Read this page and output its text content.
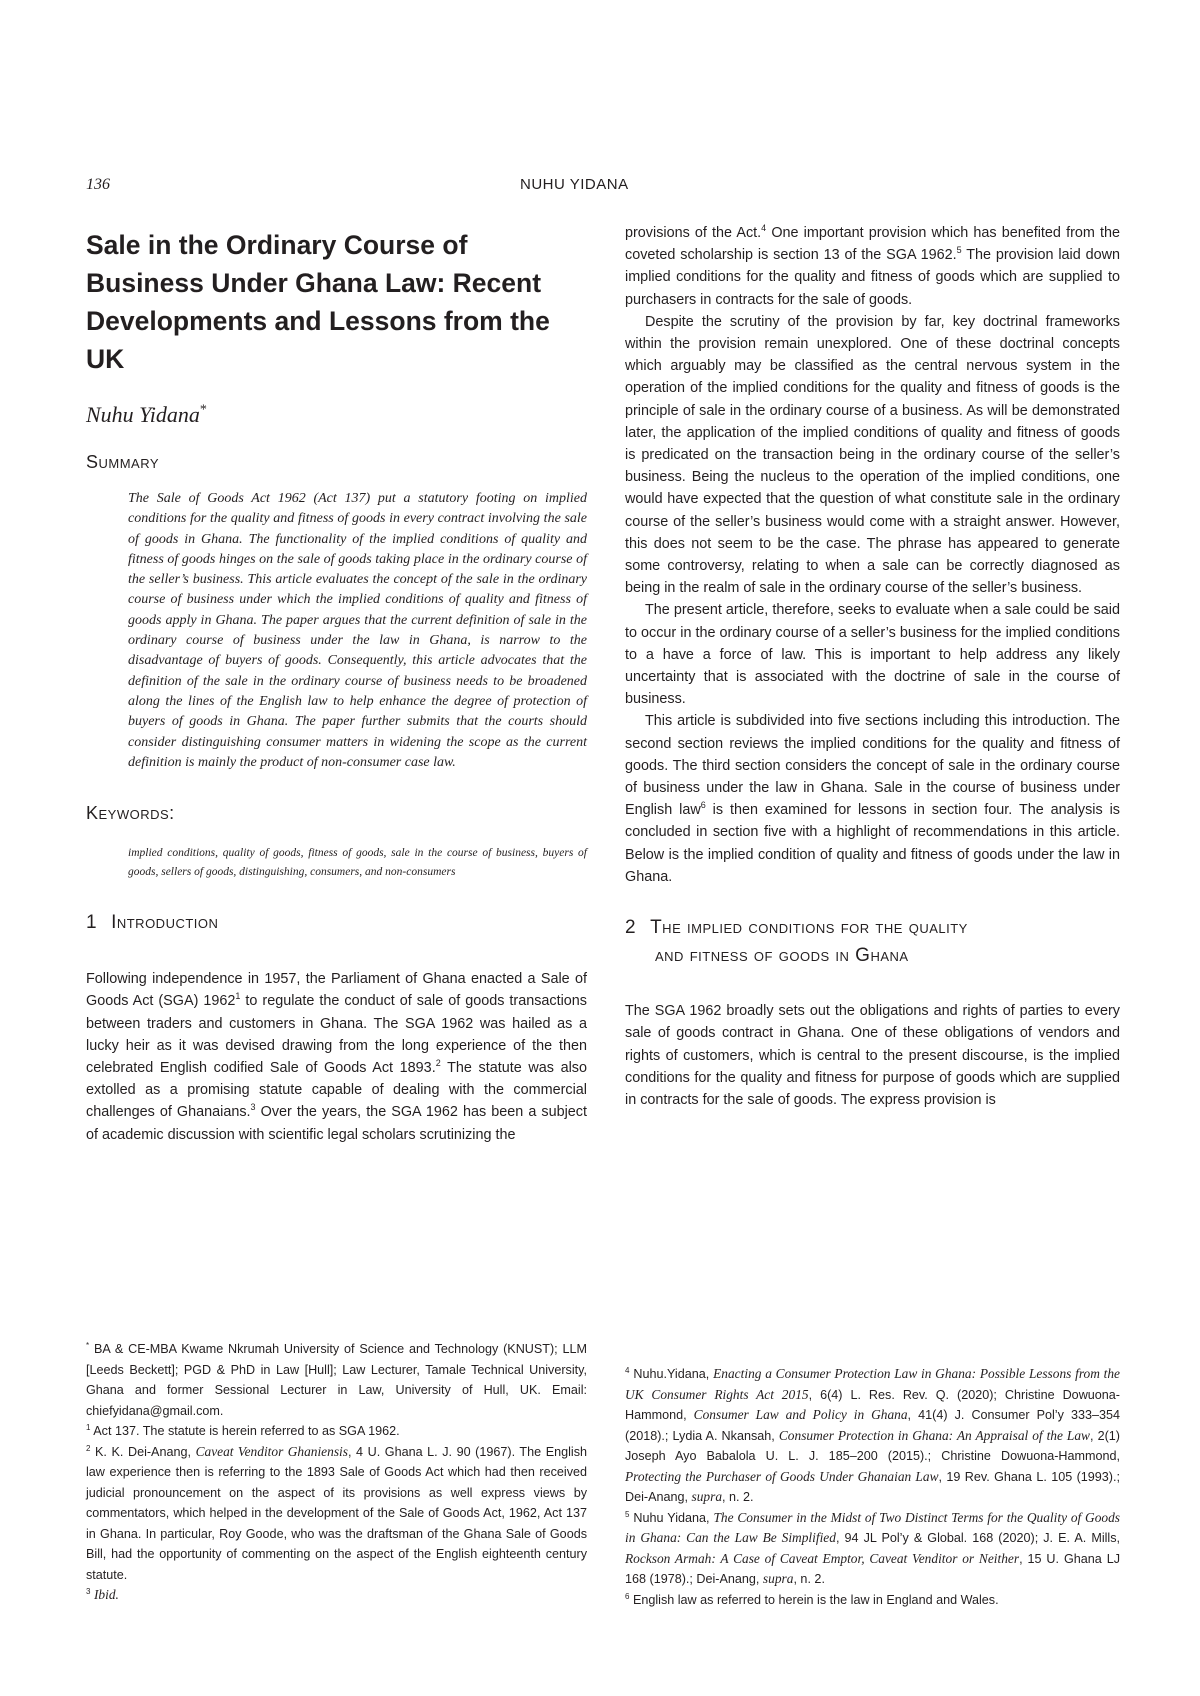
136	NUHU YIDANA
Sale in the Ordinary Course of Business Under Ghana Law: Recent Developments and Lessons from the UK
Nuhu Yidana*
Summary

The Sale of Goods Act 1962 (Act 137) put a statutory footing on implied conditions for the quality and fitness of goods in every contract involving the sale of goods in Ghana. The functionality of the implied conditions of quality and fitness of goods hinges on the sale of goods taking place in the ordinary course of the seller’s business. This article evaluates the concept of the sale in the ordinary course of business under which the implied conditions of quality and fitness of goods apply in Ghana. The paper argues that the current definition of sale in the ordinary course of business under the law in Ghana, is narrow to the disadvantage of buyers of goods. Consequently, this article advocates that the definition of the sale in the ordinary course of business needs to be broadened along the lines of the English law to help enhance the degree of protection of buyers of goods in Ghana. The paper further submits that the courts should consider distinguishing consumer matters in widening the scope as the current definition is mainly the product of non-consumer case law.

Keywords:

implied conditions, quality of goods, fitness of goods, sale in the course of business, buyers of goods, sellers of goods, distinguishing, consumers, and non-consumers

1 Introduction

Following independence in 1957, the Parliament of Ghana enacted a Sale of Goods Act (SGA) 1962$^1$ to regulate the conduct of sale of goods transactions between traders and customers in Ghana. The SGA 1962 was hailed as a lucky heir as it was devised drawing from the long experience of the then celebrated English codified Sale of Goods Act 1893.$^2$ The statute was also extolled as a promising statute capable of dealing with the commercial challenges of Ghanaians.$^3$ Over the years, the SGA 1962 has been a subject of academic discussion with scientific legal scholars scrutinizing the

* BA & CE-MBA Kwame Nkrumah University of Science and Technology (KNUST); LLM [Leeds Beckett]; PGD & PhD in Law [Hull]; Law Lecturer, Tamale Technical University, Ghana and former Sessional Lecturer in Law, University of Hull, UK. Email: chiefyidana@gmail.com.

$^1$ Act 137. The statute is herein referred to as SGA 1962.

$^2$ K. K. Dei-Anang, Caveat Venditor Ghaniensis, 4 U. Ghana L. J. 90 (1967). The English law experience then is referring to the 1893 Sale of Goods Act which had then received judicial pronouncement on the aspect of its provisions as well express views by commentators, which helped in the development of the Sale of Goods Act, 1962, Act 137 in Ghana. In particular, Roy Goode, who was the draftsman of the Ghana Sale of Goods Bill, had the opportunity of commenting on the aspect of the English eighteenth century statute.

$^3$ Ibid.

provisions of the Act.$^4$ One important provision which has benefited from the coveted scholarship is section 13 of the SGA 1962.$^5$ The provision laid down implied conditions for the quality and fitness of goods which are supplied to purchasers in contracts for the sale of goods.

Despite the scrutiny of the provision by far, key doctrinal frameworks within the provision remain unexplored. One of these doctrinal concepts which arguably may be classified as the central nervous system in the operation of the implied conditions for the quality and fitness of goods is the principle of sale in the ordinary course of a business. As will be demonstrated later, the application of the implied conditions of quality and fitness of goods is predicated on the transaction being in the ordinary course of the seller’s business. Being the nucleus to the operation of the implied conditions, one would have expected that the question of what constitute sale in the ordinary course of the seller’s business would come with a straight answer. However, this does not seem to be the case. The phrase has appeared to generate some controversy, relating to when a sale can be correctly diagnosed as being in the realm of sale in the ordinary course of the seller’s business.

The present article, therefore, seeks to evaluate when a sale could be said to occur in the ordinary course of a seller’s business for the implied conditions to a have a force of law. This is important to help address any likely uncertainty that is associated with the doctrine of sale in the course of business.

This article is subdivided into five sections including this introduction. The second section reviews the implied conditions for the quality and fitness of goods. The third section considers the concept of sale in the ordinary course of business under the law in Ghana. Sale in the course of business under English law$^6$ is then examined for lessons in section four. The analysis is concluded in section five with a highlight of recommendations in this article. Below is the implied condition of quality and fitness of goods under the law in Ghana.

2 The implied conditions for the quality
and fitness of goods in Ghana

The SGA 1962 broadly sets out the obligations and rights of parties to every sale of goods contract in Ghana. One of these obligations of vendors and rights of customers, which is central to the present discourse, is the implied conditions for the quality and fitness for purpose of goods which are supplied in contracts for the sale of goods. The express provision is

$^4$ Nuhu.Yidana, Enacting a Consumer Protection Law in Ghana: Possible Lessons from the UK Consumer Rights Act 2015, 6(4) L. Res. Rev. Q. (2020); Christine Dowuona-Hammond, Consumer Law and Policy in Ghana, 41(4) J. Consumer Pol’y 333–354 (2018).; Lydia A. Nkansah, Consumer Protection in Ghana: An Appraisal of the Law, 2(1) Joseph Ayo Babalola U. L. J. 185–200 (2015).; Christine Dowuona-Hammond, Protecting the Purchaser of Goods Under Ghanaian Law, 19 Rev. Ghana L. 105 (1993).; Dei-Anang, supra, n. 2.

$^5$ Nuhu Yidana, The Consumer in the Midst of Two Distinct Terms for the Quality of Goods in Ghana: Can the Law Be Simplified, 94 JL Pol’y & Global. 168 (2020); J. E. A. Mills, Rockson Armah: A Case of Caveat Emptor, Caveat Venditor or Neither, 15 U. Ghana LJ 168 (1978).; Dei-Anang, supra, n. 2.

$^6$ English law as referred to herein is the law in England and Wales.
